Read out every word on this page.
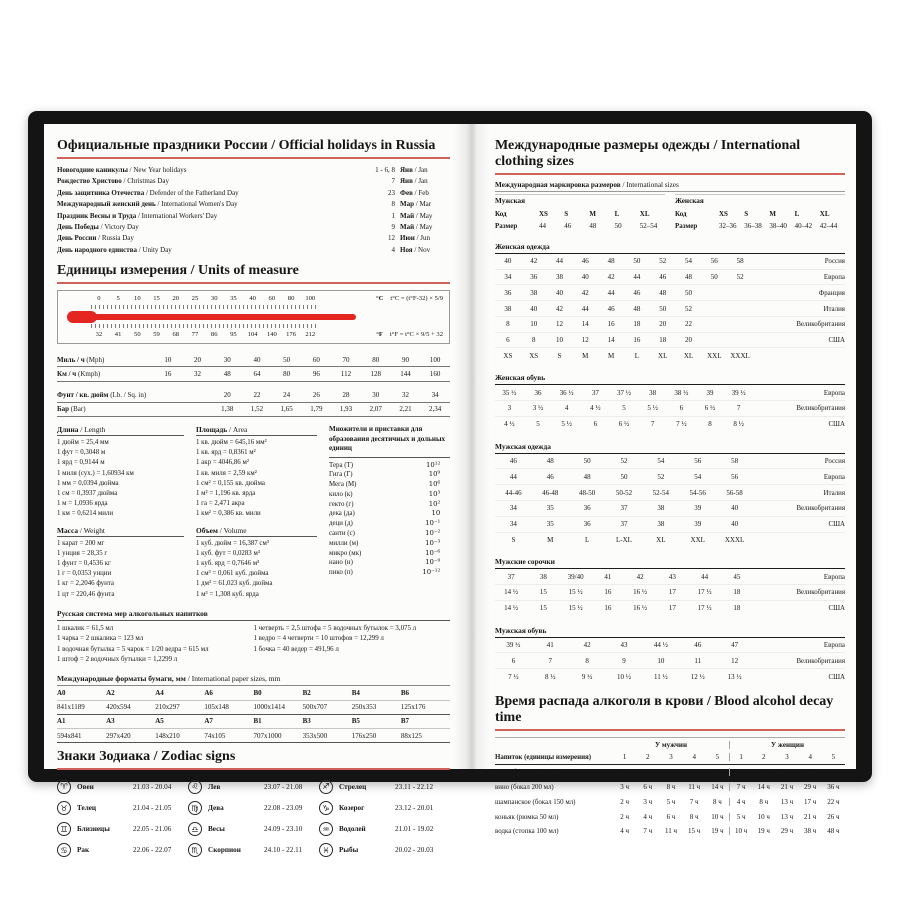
Официальные праздники России / Official holidays in Russia
Новогодние каникулы / New Year holidays	1 - 6, 8 Янв / Jan
Рождество Христово / Christmas Day	7 Янв / Jan
День защитника Отечества / Defender of the Fatherland Day	23 Фев / Feb
Международный женский день / International Women's Day	8 Мар / Mar
Праздник Весны и Труда / International Workers' Day	1 Май / May
День Победы / Victory Day	9 Май / May
День России / Russia Day	12 Июн / Jun
День народного единства / Unity Day	4 Ноя / Nov
Единицы измерения / Units of measure
0	5	10	15	20	25	30	35	40	60	80	100	°C t°C = (t°F-32) × 5/9
32	41	50	59	68	77	86	95	104	140	176	212	°F t°F = t°C × 9/5 + 32
Миль / ч (Mph)	10	20	30	40	50	60	70	80	90	100
Км / ч (Kmph)	16	32	48	64	80	96	112	128	144	160
Фунт / кв. дюйм (Lb. / Sq. in)	20	22	24	26	28	30	32	34
Бар (Bar)	1,38	1,52	1,65	1,79	1,93	2,07	2,21	2,34
Длина / Length
1 дюйм = 25,4 мм
1 фут = 0,3048 м
1 ярд = 0,9144 м
1 миля (сух.) = 1,60934 км
1 мм = 0,0394 дюйма
1 см = 0,3937 дюйма
1 м = 1,0936 ярда
1 км = 0,6214 мили
Масса / Weight
1 карат = 200 мг
1 унция = 28,35 г
1 фунт = 0,4536 кг
1 г = 0,0353 унции
1 кг = 2,2046 фунта
1 цт = 220,46 фунта
Площадь / Area
1 кв. дюйм = 645,16 мм²
1 кв. ярд = 0,8361 м²
1 акр = 4046,86 м²
1 кв. миля = 2,59 км²
1 см² = 0,155 кв. дюйма
1 м² = 1,196 кв. ярда
1 га = 2,471 акра
1 км² = 0,386 кв. мили
Объем / Volume
1 куб. дюйм = 16,387 см³
1 куб. фут = 0,0283 м³
1 куб. ярд = 0,7646 м³
1 см³ = 0,061 куб. дюйма
1 дм³ = 61,023 куб. дюйма
1 м³ = 1,308 куб. ярда
Множители и приставки для образования десятичных и дольных единиц
Тера (Т)	10¹²
Гига (Г)	10⁹
Мега (М)	10⁶
кило (к)	10³
гекто (г)	10²
дека (да)	10
деци (д)	10⁻¹
санти (с)	10⁻²
милли (м)	10⁻³
микро (мк)	10⁻⁶
нано (н)	10⁻⁹
пико (п)	10⁻¹²
Русская система мер алкогольных напитков
1 шкалик = 61,5 мл
1 чарка = 2 шкалика = 123 мл
1 водочная бутылка = 5 чарок = 1/20 ведра = 615 мл
1 штоф = 2 водочных бутылки = 1,2299 л
1 четверть = 2,5 штофа = 5 водочных бутылок = 3,075 л
1 ведро = 4 четверти = 10 штофов = 12,299 л
1 бочка = 40 ведер = 491,96 л
Международные форматы бумаги, мм / International paper sizes, mm
A0	A2	A4	A6	B0	B2	B4	B6
841x1189	420x594	210x297	105x148	1000x1414	500x707	250x353	125x176
A1	A3	A5	A7	B1	B3	B5	B7
594x841	297x420	148x210	74x105	707x1000	353x500	176x250	88x125
Знаки Зодиака / Zodiac signs
♈	Овен	21.03 - 20.04
♉	Телец	21.04 - 21.05
♊	Близнецы	22.05 - 21.06
♋	Рак	22.06 - 22.07
♌	Лев	23.07 - 21.08
♍	Дева	22.08 - 23.09
♎	Весы	24.09 - 23.10
♏	Скорпион	24.10 - 22.11
♐	Стрелец	23.11 - 22.12
♑	Козерог	23.12 - 20.01
♒	Водолей	21.01 - 19.02
♓	Рыбы	20.02 - 20.03
Международные размеры одежды / International clothing sizes
Международная маркировка размеров / International sizes
Мужская
Код	XS	S	M	L	XL
Размер	44	46	48	50	52–54
Женская
Код	XS	S	M	L	XL
Размер	32–36	36–38	38–40	40–42	42–44
Женская одежда
40	42	44	46	48	50	52	54	56	58	Россия
34	36	38	40	42	44	46	48	50	52	Европа
36	38	40	42	44	46	48	50	Франция
38	40	42	44	46	48	50	52	Италия
8	10	12	14	16	18	20	22	Великобритания
6	8	10	12	14	16	18	20	США
XS	XS	S	M	M	L	XL	XL	XXL	XXXL
Женская обувь
35 ½	36	36 ½	37	37 ½	38	38 ½	39	39 ½	Европа
3	3 ½	4	4 ½	5	5 ½	6	6 ½	7	Великобритания
4 ½	5	5 ½	6	6 ½	7	7 ½	8	8 ½	США
Мужская одежда
46	48	50	52	54	56	58	Россия
44	46	48	50	52	54	56	Европа
44-46	46-48	48-50	50-52	52-54	54-56	56-58	Италия
34	35	36	37	38	39	40	Великобритания
34	35	36	37	38	39	40	США
S	M	L	L-XL	XL	XXL	XXXL
Мужские сорочки
37	38	39/40	41	42	43	44	45	Европа
14 ½	15	15 ½	16	16 ½	17	17 ½	18	Великобритания
14 ½	15	15 ½	16	16 ½	17	17 ½	18	США
Мужская обувь
39 ½	41	42	43	44 ½	46	47	Европа
6	7	8	9	10	11	12	Великобритания
7 ½	8 ½	9 ½	10 ½	11 ½	12 ½	13 ½	США
Время распада алкоголя в крови / Blood alcohol decay time
У мужчин	У женщин
Напиток (единицы измерения)	1	2	3	4	5	1	2	3	4	5
пиво (бутылка 0,5 л)	2 ч	5 ч	7 ч	9 ч	12 ч	6 ч	12 ч	18 ч	24 ч	30 ч
вино (бокал 200 мл)	3 ч	6 ч	8 ч	11 ч	14 ч	7 ч	14 ч	21 ч	29 ч	36 ч
шампанское (бокал 150 мл)	2 ч	3 ч	5 ч	7 ч	8 ч	4 ч	8 ч	13 ч	17 ч	22 ч
коньяк (рюмка 50 мл)	2 ч	4 ч	6 ч	8 ч	10 ч	5 ч	10 ч	13 ч	21 ч	26 ч
водка (стопка 100 мл)	4 ч	7 ч	11 ч	15 ч	19 ч	10 ч	19 ч	29 ч	38 ч	48 ч
